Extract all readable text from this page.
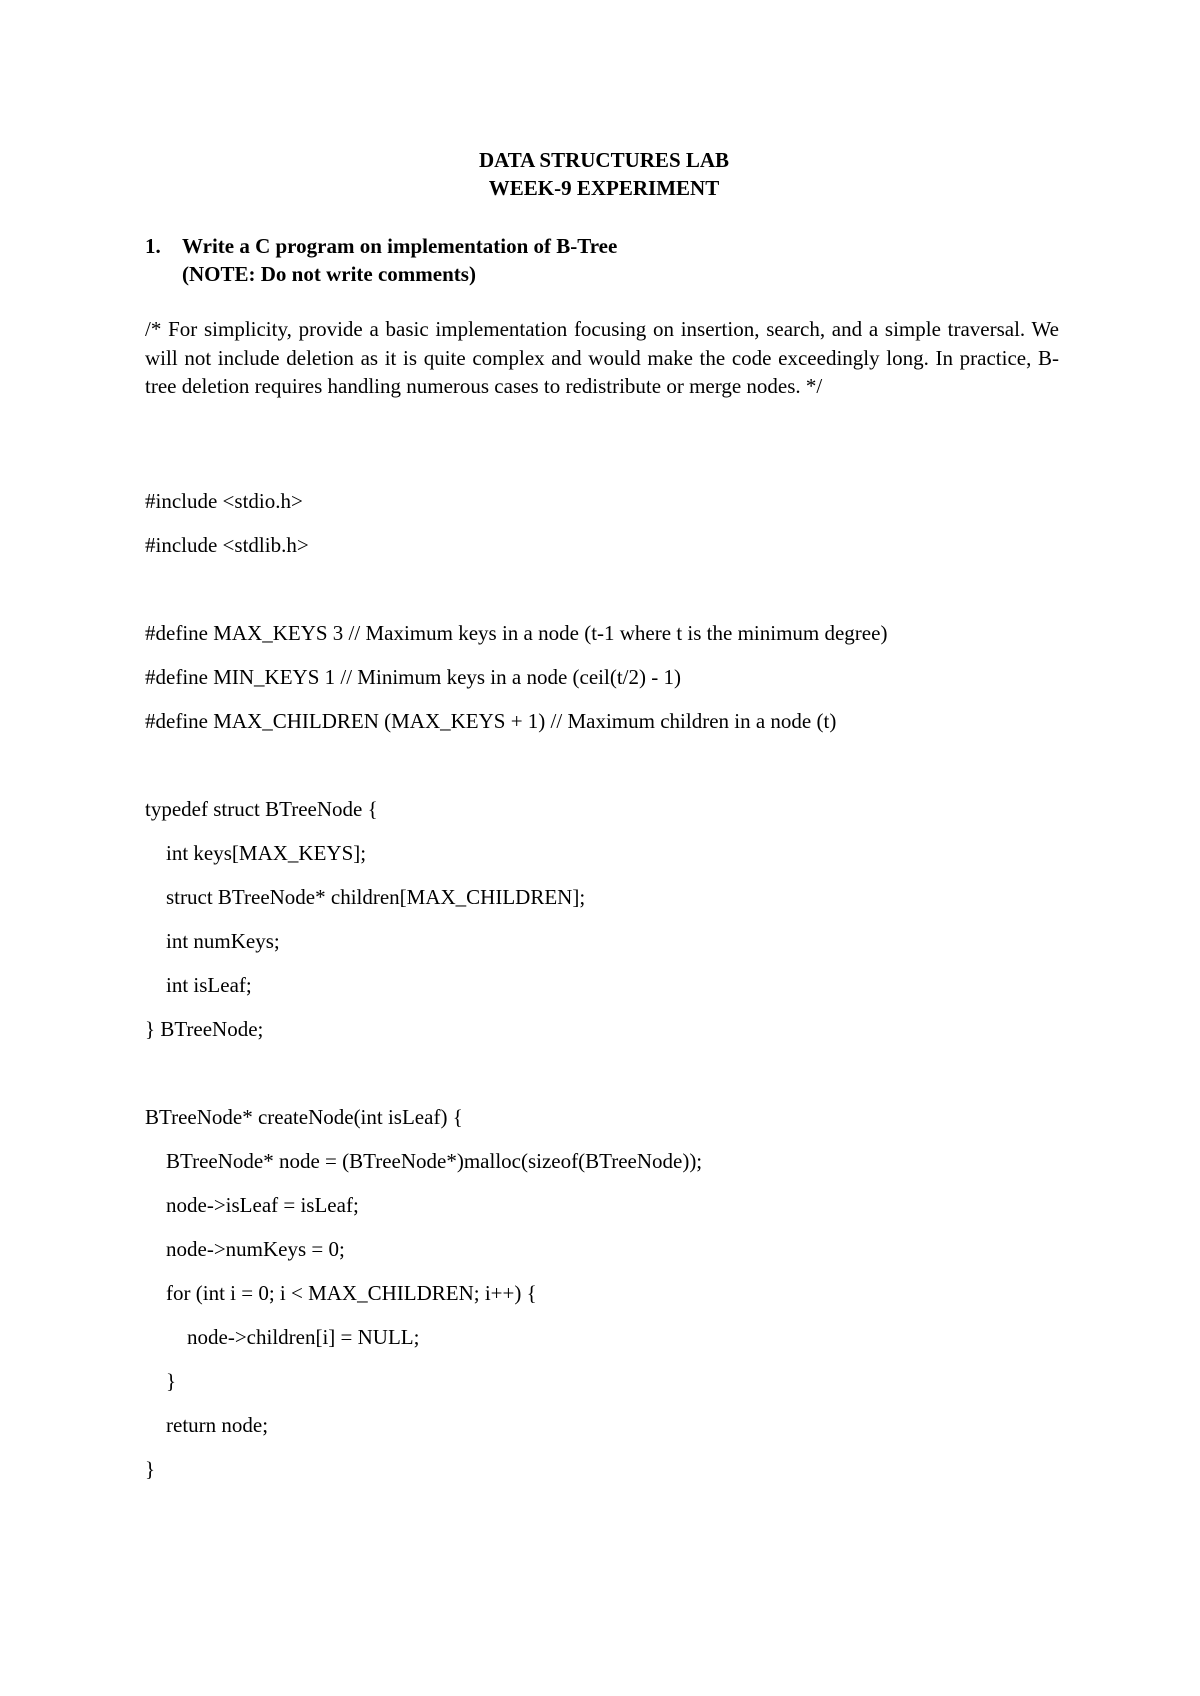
DATA STRUCTURES LAB
WEEK-9 EXPERIMENT
1. Write a C program on implementation of B-Tree
(NOTE: Do not write comments)

/* For simplicity, provide a basic implementation focusing on insertion, search, and a simple traversal. We will not include deletion as it is quite complex and would make the code exceedingly long. In practice, B-tree deletion requires handling numerous cases to redistribute or merge nodes. */

#include <stdio.h>
#include <stdlib.h>
#define MAX_KEYS 3 // Maximum keys in a node (t-1 where t is the minimum degree)
#define MIN_KEYS 1 // Minimum keys in a node (ceil(t/2) - 1)
#define MAX_CHILDREN (MAX_KEYS + 1) // Maximum children in a node (t)
typedef struct BTreeNode {
int keys[MAX_KEYS];
struct BTreeNode* children[MAX_CHILDREN];
int numKeys;
int isLeaf;
} BTreeNode;
BTreeNode* createNode(int isLeaf) {
BTreeNode* node = (BTreeNode*)malloc(sizeof(BTreeNode));
node->isLeaf = isLeaf;
node->numKeys = 0;
for (int i = 0; i < MAX_CHILDREN; i++) {
node->children[i] = NULL;
}
return node;
}
